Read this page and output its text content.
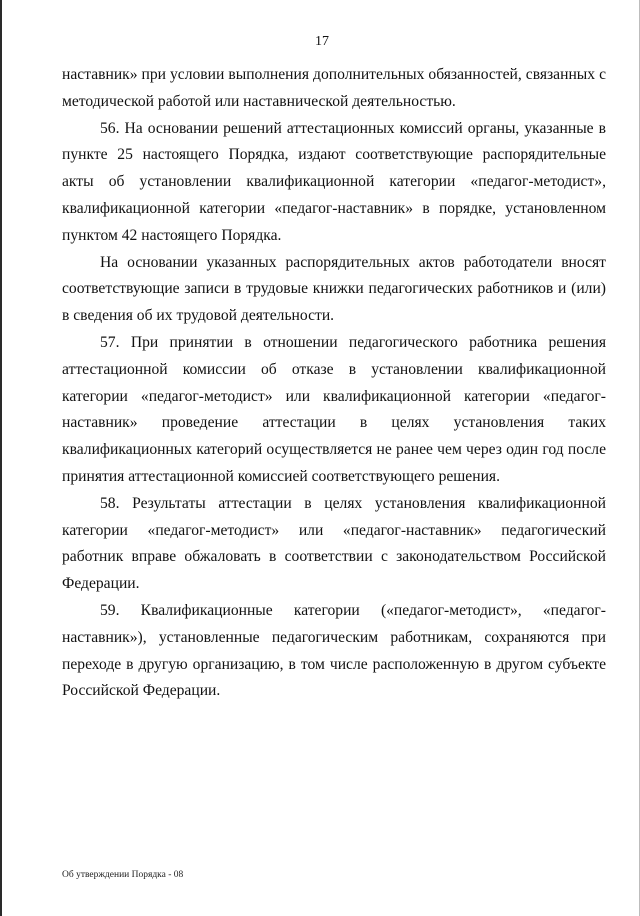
17

наставник» при условии выполнения дополнительных обязанностей, связанных с методической работой или наставнической деятельностью.

56. На основании решений аттестационных комиссий органы, указанные в пункте 25 настоящего Порядка, издают соответствующие распорядительные акты об установлении квалификационной категории «педагог-методист», квалификационной категории «педагог-наставник» в порядке, установленном пунктом 42 настоящего Порядка.

На основании указанных распорядительных актов работодатели вносят соответствующие записи в трудовые книжки педагогических работников и (или) в сведения об их трудовой деятельности.

57. При принятии в отношении педагогического работника решения аттестационной комиссии об отказе в установлении квалификационной категории «педагог-методист» или квалификационной категории «педагог-наставник» проведение аттестации в целях установления таких квалификационных категорий осуществляется не ранее чем через один год после принятия аттестационной комиссией соответствующего решения.

58. Результаты аттестации в целях установления квалификационной категории «педагог-методист» или «педагог-наставник» педагогический работник вправе обжаловать в соответствии с законодательством Российской Федерации.

59. Квалификационные категории («педагог-методист», «педагог-наставник»), установленные педагогическим работникам, сохраняются при переходе в другую организацию, в том числе расположенную в другом субъекте Российской Федерации.

Об утверждении Порядка - 08
